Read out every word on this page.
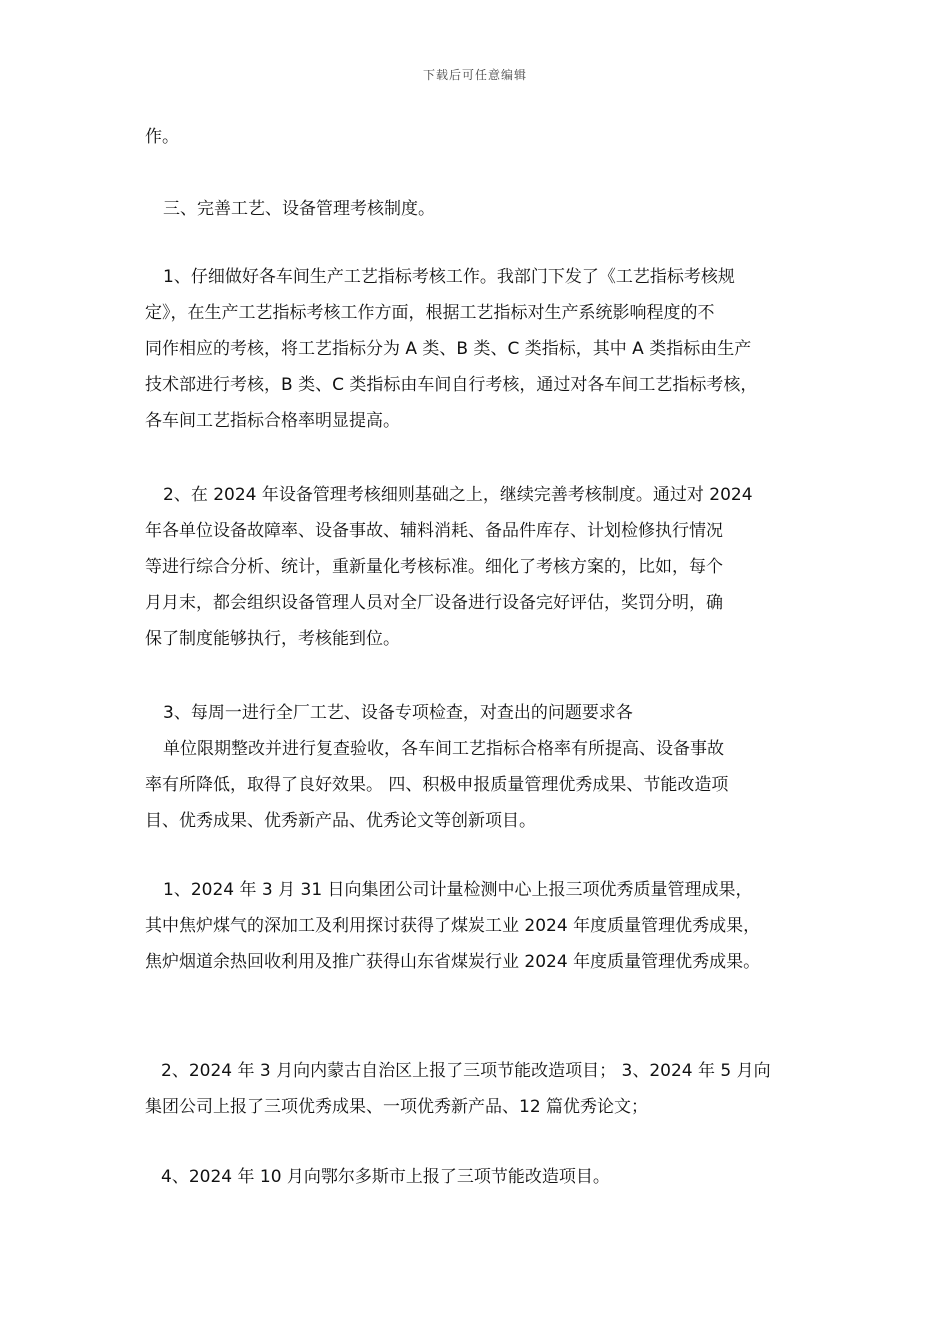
下载后可任意编辑
作。
三、完善工艺、设备管理考核制度。
1、仔细做好各车间生产工艺指标考核工作。我部门下发了《工艺指标考核规
定》，在生产工艺指标考核工作方面，根据工艺指标对生产系统影响程度的不
同作相应的考核，将工艺指标分为 A 类、B 类、C 类指标，其中 A 类指标由生产
技术部进行考核，B 类、C 类指标由车间自行考核，通过对各车间工艺指标考核，
各车间工艺指标合格率明显提高。
2、在 2024 年设备管理考核细则基础之上，继续完善考核制度。通过对 2024
年各单位设备故障率、设备事故、辅料消耗、备品件库存、计划检修执行情况
等进行综合分析、统计，重新量化考核标准。细化了考核方案的，比如，每个
月月末，都会组织设备管理人员对全厂设备进行设备完好评估，奖罚分明，确
保了制度能够执行，考核能到位。
3、每周一进行全厂工艺、设备专项检查，对查出的问题要求各
单位限期整改并进行复查验收，各车间工艺指标合格率有所提高、设备事故
率有所降低，取得了良好效果。 四、积极申报质量管理优秀成果、节能改造项
目、优秀成果、优秀新产品、优秀论文等创新项目。
1、2024 年 3 月 31 日向集团公司计量检测中心上报三项优秀质量管理成果，
其中焦炉煤气的深加工及利用探讨获得了煤炭工业 2024 年度质量管理优秀成果，
焦炉烟道余热回收利用及推广获得山东省煤炭行业 2024 年度质量管理优秀成果。
2、2024 年 3 月向内蒙古自治区上报了三项节能改造项目； 3、2024 年 5 月向
集团公司上报了三项优秀成果、一项优秀新产品、12 篇优秀论文；
4、2024 年 10 月向鄂尔多斯市上报了三项节能改造项目。
